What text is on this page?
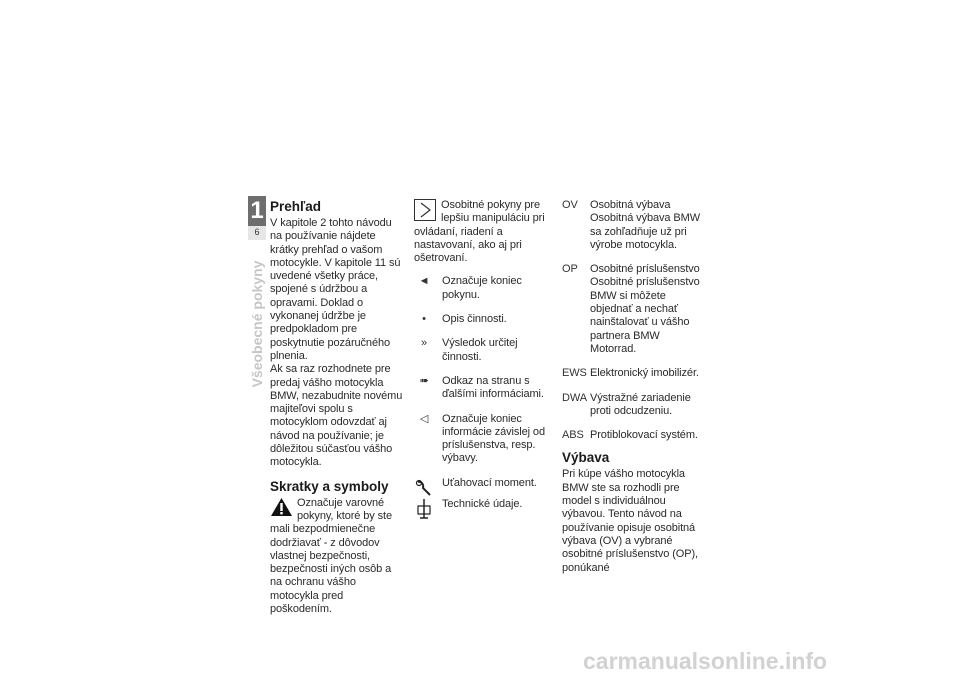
1
6
Všeobecné pokyny
Prehľad
V kapitole 2 tohto návodu na používanie nájdete krátky prehľad o vašom motocykle. V kapitole 11 sú uvedené všetky práce, spojené s údržbou a opravami. Doklad o vykonanej údržbe je predpokladom pre poskytnutie pozáručného plnenia.
Ak sa raz rozhodnete pre predaj vášho motocykla BMW, nezabudnite novému majiteľovi spolu s motocyklom odovzdať aj návod na používanie; je dôležitou súčasťou vášho motocykla.
Skratky a symboly
Označuje varovné pokyny, ktoré by ste mali bezpodmienečne dodržiavať - z dôvodov vlastnej bezpečnosti, bezpečnosti iných osôb a na ochranu vášho motocykla pred poškodením.
Osobitné pokyny pre lepšiu manipuláciu pri ovládaní, riadení a nastavovaní, ako aj pri ošetrovaní.
◄	Označuje koniec pokynu.
•	Opis činnosti.
»	Výsledok určitej činnosti.
➠	Odkaz na stranu s ďalšími informáciami.
◁	Označuje koniec informácie závislej od príslušenstva, resp. výbavy.
Uťahovací moment.
Technické údaje.
OV Osobitná výbava Osobitná výbava BMW sa zohľadňuje už pri výrobe motocykla.
OP Osobitné príslušenstvo Osobitné príslušenstvo BMW si môžete objednať a nechať nainštalovať u vášho partnera BMW Motorrad.
EWS Elektronický imobilizér.
DWA Výstražné zariadenie proti odcudzeniu.
ABS Protiblokovací systém.
Výbava
Pri kúpe vášho motocykla BMW ste sa rozhodli pre model s individuálnou výbavou. Tento návod na používanie opisuje osobitná výbava (OV) a vybrané osobitné príslušenstvo (OP), ponúkané
carmanualsonline.info
